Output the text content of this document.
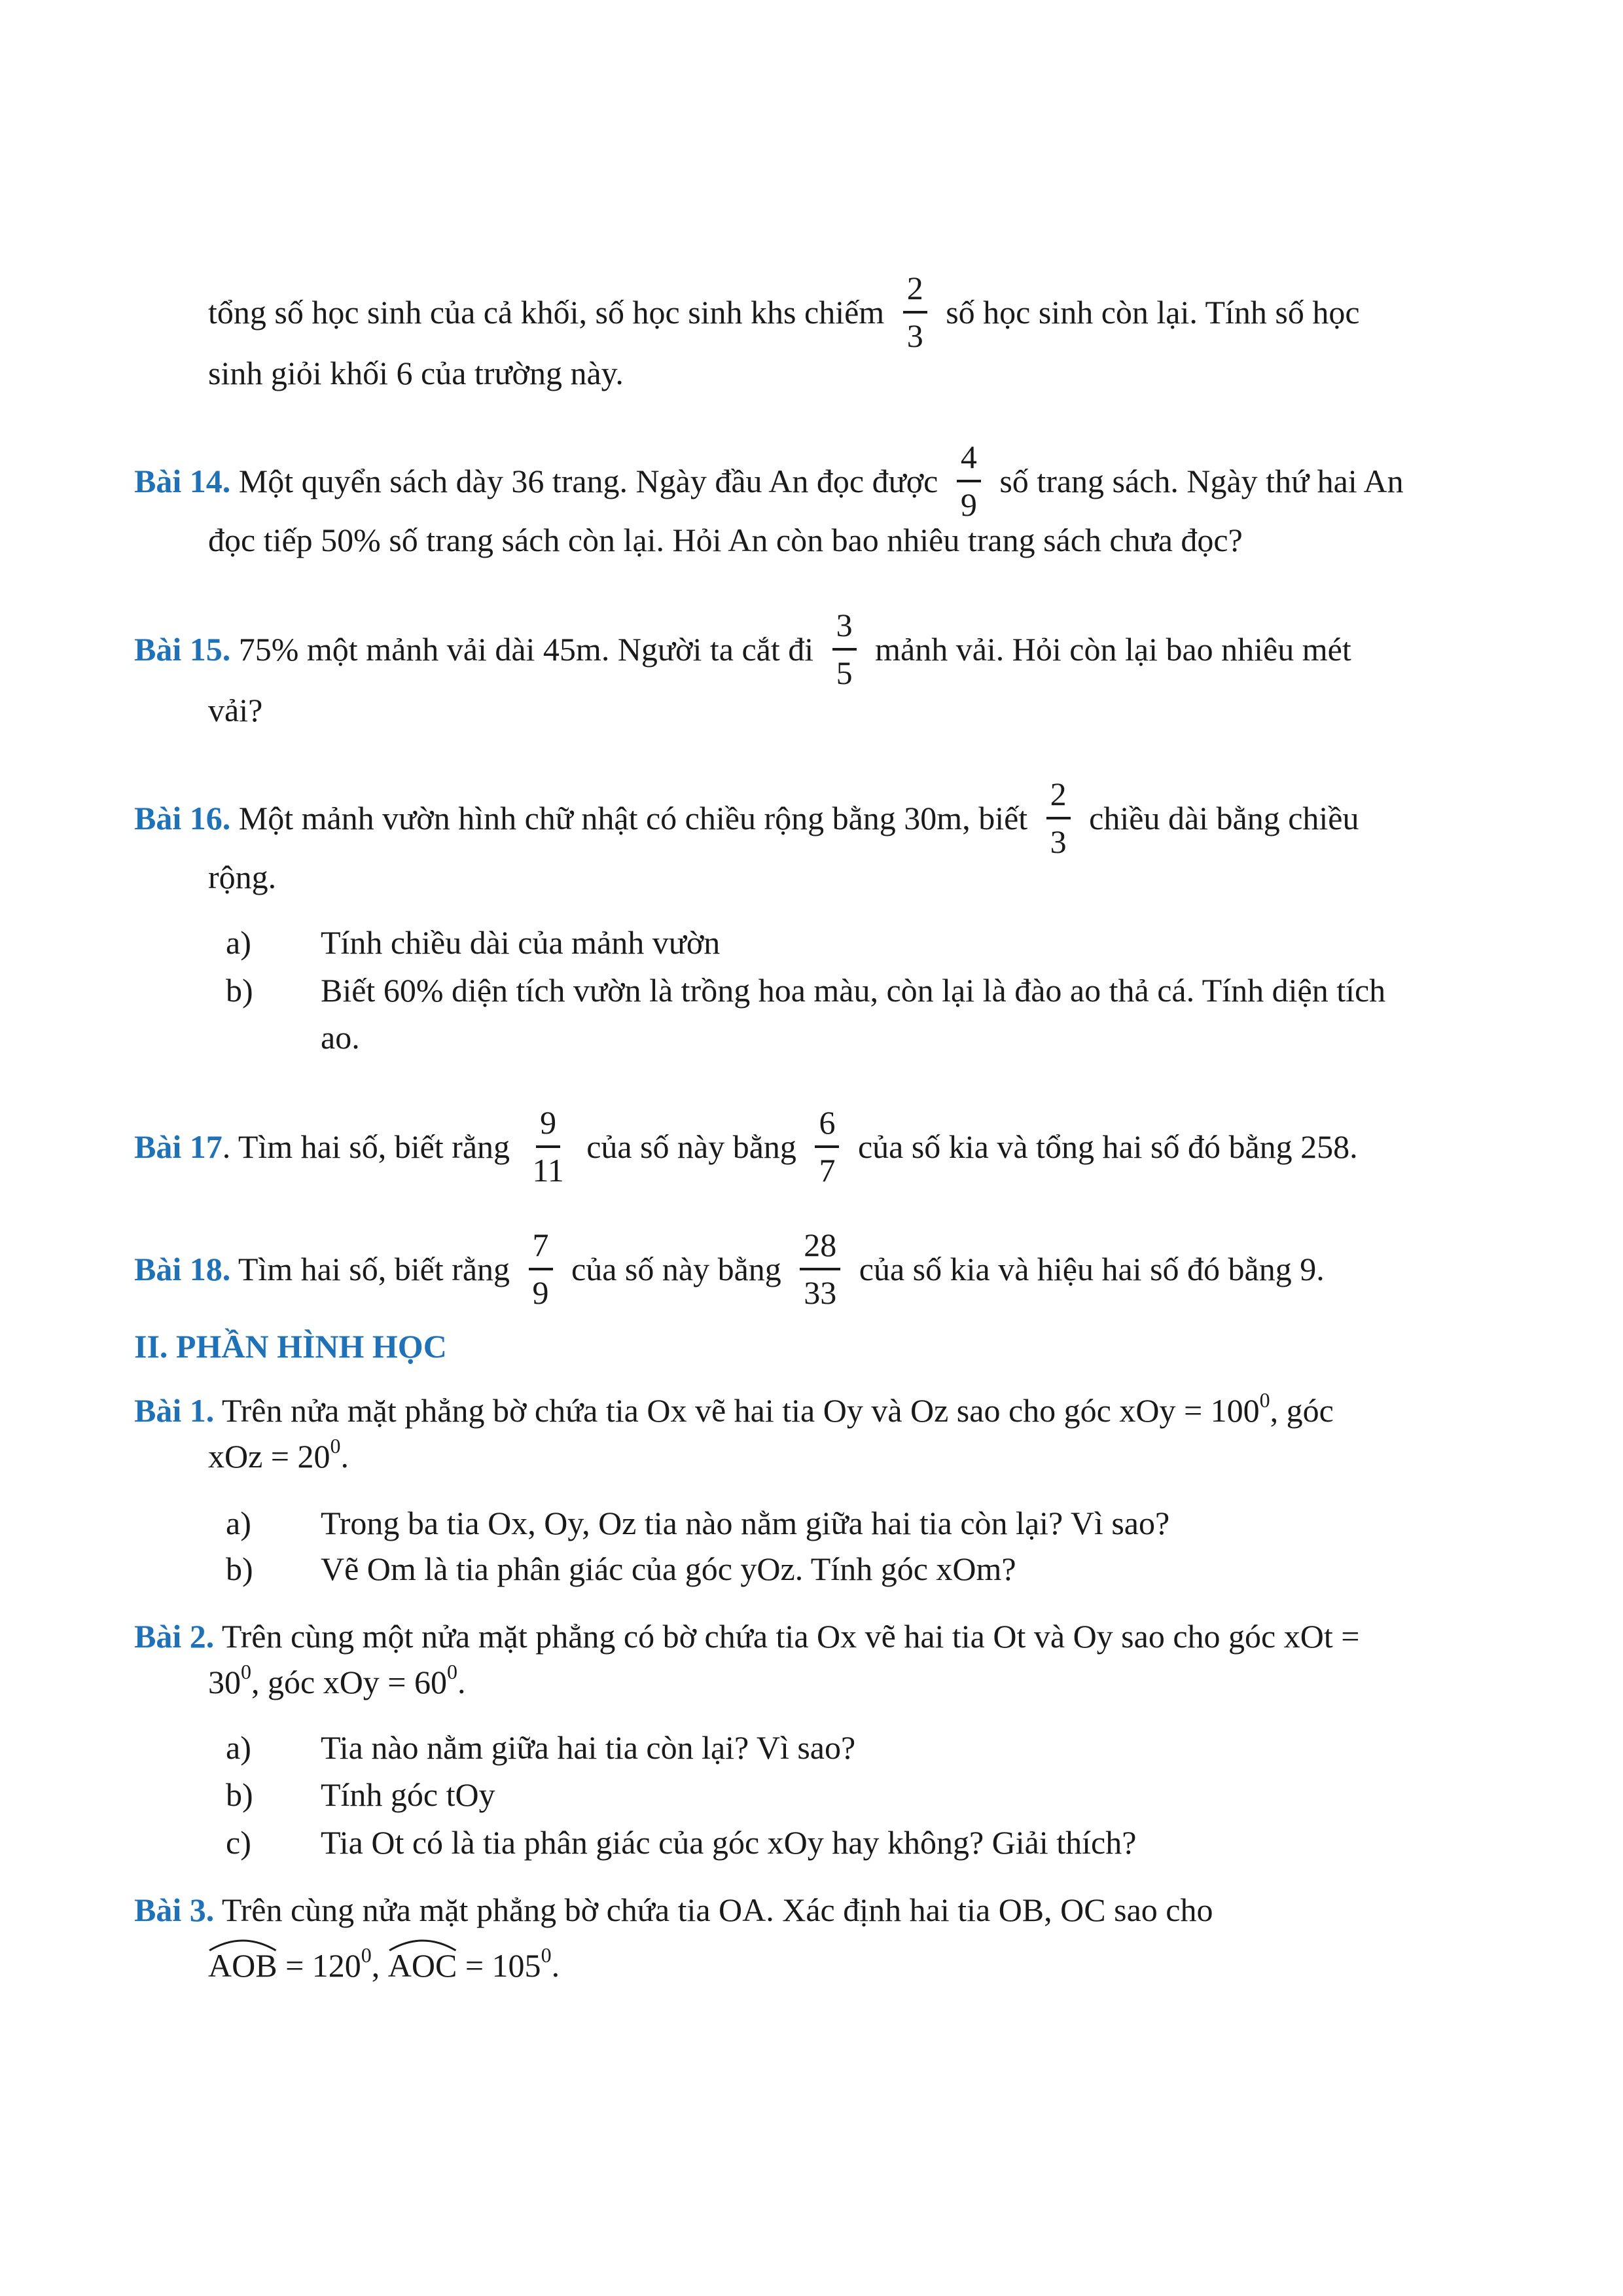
tổng số học sinh của cả khối, số học sinh khs chiếm $\frac{2}{3}$ số học sinh còn lại. Tính số học
sinh giỏi khối 6 của trường này.
Bài 14. Một quyển sách dày 36 trang. Ngày đầu An đọc được $\frac{4}{9}$ số trang sách. Ngày thứ hai An
đọc tiếp 50% số trang sách còn lại. Hỏi An còn bao nhiêu trang sách chưa đọc?
Bài 15. 75% một mảnh vải dài 45m. Người ta cắt đi $\frac{3}{5}$ mảnh vải. Hỏi còn lại bao nhiêu mét
vải?
Bài 16. Một mảnh vườn hình chữ nhật có chiều rộng bằng 30m, biết $\frac{2}{3}$ chiều dài bằng chiều
rộng.
a) Tính chiều dài của mảnh vườn
b) Biết 60% diện tích vườn là trồng hoa màu, còn lại là đào ao thả cá. Tính diện tích
ao.
Bài 17. Tìm hai số, biết rằng $\frac{9}{11}$ của số này bằng $\frac{6}{7}$ của số kia và tổng hai số đó bằng 258.
Bài 18. Tìm hai số, biết rằng $\frac{7}{9}$ của số này bằng $\frac{28}{33}$ của số kia và hiệu hai số đó bằng 9.
II. PHẦN HÌNH HỌC
Bài 1. Trên nửa mặt phẳng bờ chứa tia Ox vẽ hai tia Oy và Oz sao cho góc xOy = $100^0$, góc
xOz = $20^0$.
a) Trong ba tia Ox, Oy, Oz tia nào nằm giữa hai tia còn lại? Vì sao?
b) Vẽ Om là tia phân giác của góc yOz. Tính góc xOm?
Bài 2. Trên cùng một nửa mặt phẳng có bờ chứa tia Ox vẽ hai tia Ot và Oy sao cho góc xOt =
$30^0$, góc xOy = $60^0$.
a) Tia nào nằm giữa hai tia còn lại? Vì sao?
b) Tính góc tOy
c) Tia Ot có là tia phân giác của góc xOy hay không? Giải thích?
Bài 3. Trên cùng nửa mặt phẳng bờ chứa tia OA. Xác định hai tia OB, OC sao cho
AOB = $120^0$,
AOC = $105^0$.
